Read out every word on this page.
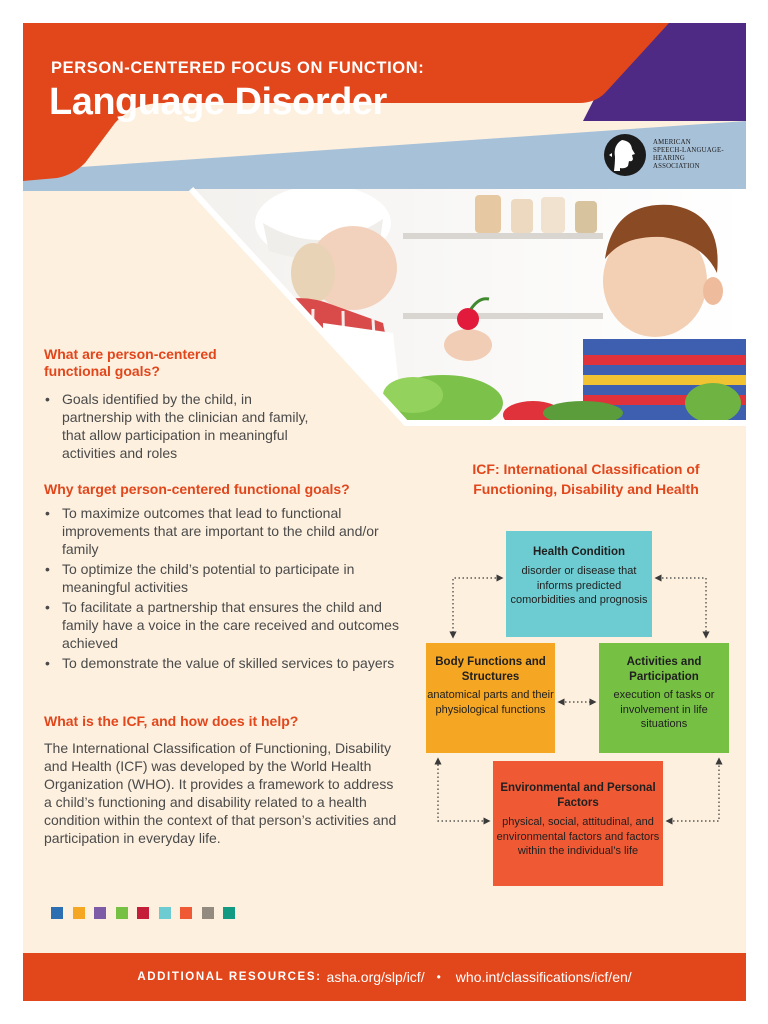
PERSON-CENTERED FOCUS ON FUNCTION:
Language Disorder
AMERICAN
SPEECH-LANGUAGE-
HEARING
ASSOCIATION
What are person-centered functional goals?
• Goals identified by the child, in partnership with the clinician and family, that allow participation in meaningful activities and roles
Why target person-centered functional goals?
• To maximize outcomes that lead to functional improvements that are important to the child and/or family
• To optimize the child’s potential to participate in meaningful activities
• To facilitate a partnership that ensures the child and family have a voice in the care received and outcomes achieved
• To demonstrate the value of skilled services to payers
What is the ICF, and how does it help?

The International Classification of Functioning, Disability and Health (ICF) was developed by the World Health Organization (WHO). It provides a framework to address a child’s functioning and disability related to a health condition within the context of that person’s activities and participation in everyday life.

ICF: International Classification of Functioning, Disability and Health
Health Condition
disorder or disease that informs predicted comorbidities and prognosis
Body Functions and Structures
anatomical parts and their physiological functions
Activities and Participation
execution of tasks or involvement in life situations
Environmental and Personal Factors
physical, social, attitudinal, and environmental factors and factors within the individual’s life
ADDITIONAL RESOURCES: asha.org/slp/icf/ • who.int/classifications/icf/en/
